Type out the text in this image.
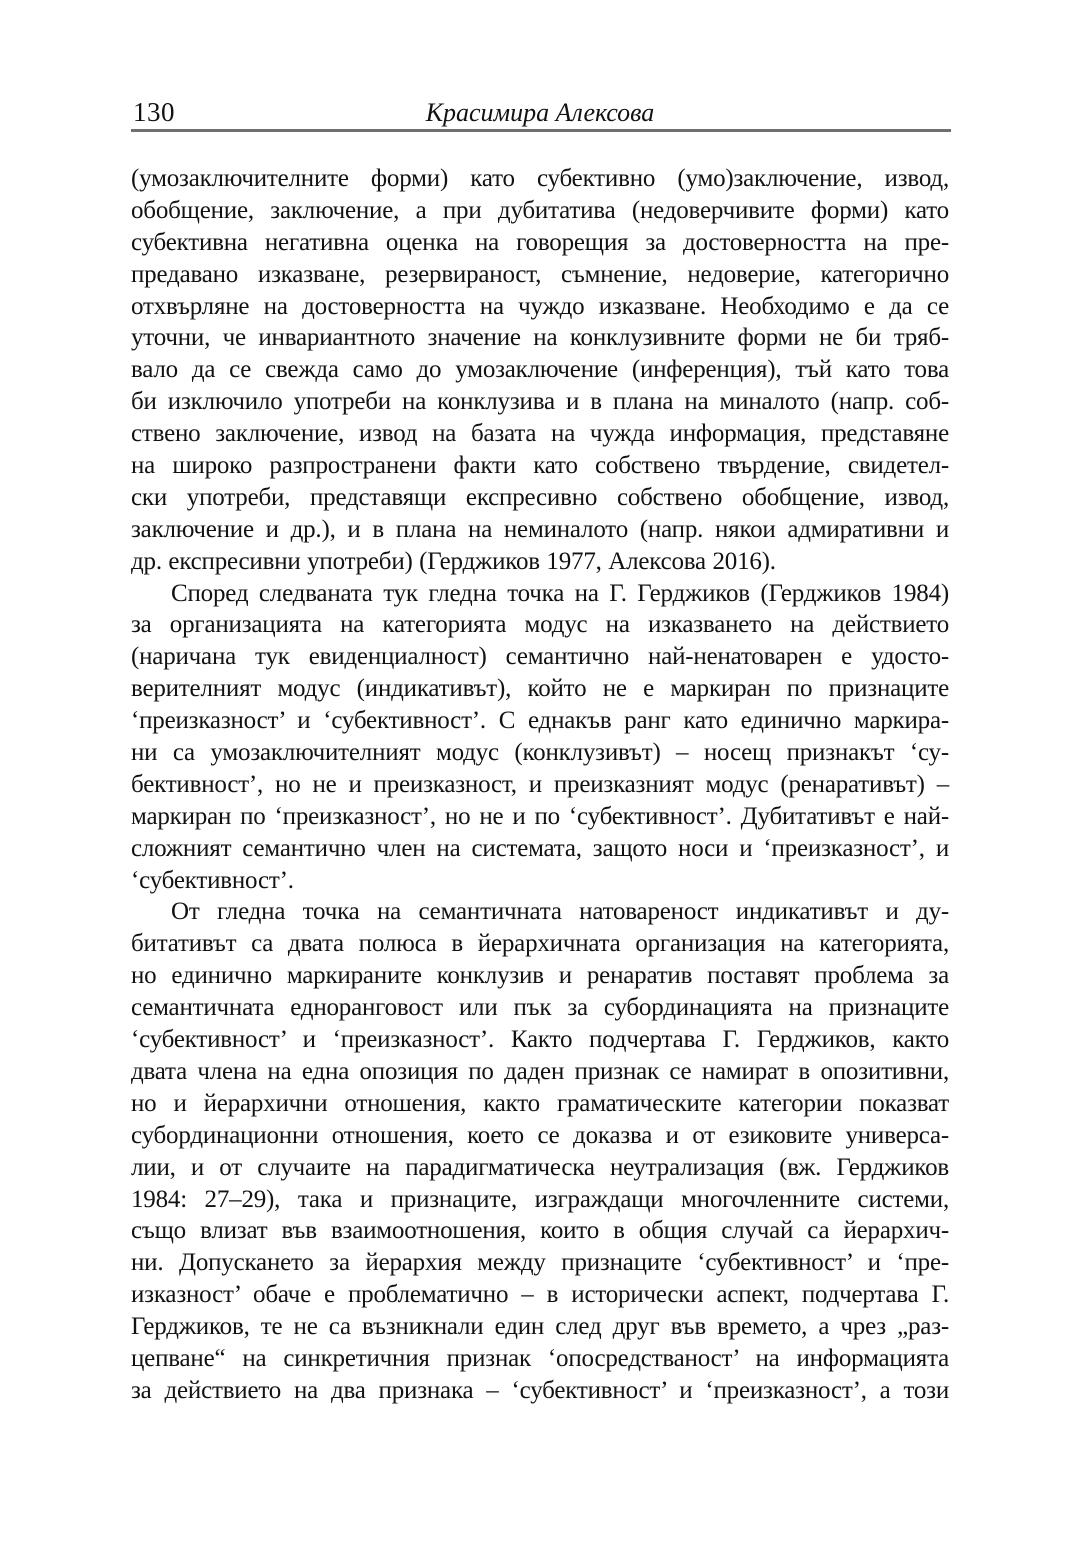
130	Красимира Алексова
(умозаключителните форми) като субективно (умо)заключение, извод,
обобщение, заключение, а при дубитатива (недоверчивите форми) като
субективна негативна оценка на говорещия за достоверността на пре-
предавано изказване, резервираност, съмнение, недоверие, категорично
отхвърляне на достоверността на чуждо изказване. Необходимо е да се
уточни, че инвариантното значение на конклузивните форми не би тряб-
вало да се свежда само до умозаключение (инференция), тъй като това
би изключило употреби на конклузива и в плана на миналото (напр. соб-
ствено заключение, извод на базата на чужда информация, представяне
на широко разпространени факти като собствено твърдение, свидетел-
ски употреби, представящи експресивно собствено обобщение, извод,
заключение и др.), и в плана на неминалото (напр. някои адмиративни и
др. експресивни употреби) (Герджиков 1977, Алексова 2016).
Според следваната тук гледна точка на Г. Герджиков (Герджиков 1984)
за организацията на категорията модус на изказването на действието
(наричана тук евиденциалност) семантично най-ненатоварен е удосто-
верителният модус (индикативът), който не е маркиран по признаците
‘преизказност’ и ‘субективност’. С еднакъв ранг като единично маркира-
ни са умозаключителният модус (конклузивът) – носещ признакът ‘су-
бективност’, но не и преизказност, и преизказният модус (ренаративът) –
маркиран по ‘преизказност’, но не и по ‘субективност’. Дубитативът е най-
сложният семантично член на системата, защото носи и ‘преизказност’, и
‘субективност’.
От гледна точка на семантичната натовареност индикативът и ду-
битативът са двата полюса в йерархичната организация на категорията,
но единично маркираните конклузив и ренаратив поставят проблема за
семантичната едноранговост или пък за субординацията на признаците
‘субективност’ и ‘преизказност’. Както подчертава Г. Герджиков, както
двата члена на една опозиция по даден признак се намират в опозитивни,
но и йерархични отношения, както граматическите категории показват
субординационни отношения, което се доказва и от езиковите универса-
лии, и от случаите на парадигматическа неутрализация (вж. Герджиков
1984: 27–29), така и признаците, изграждащи многочленните системи,
също влизат във взаимоотношения, които в общия случай са йерархич-
ни. Допускането за йерархия между признаците ‘субективност’ и ‘пре-
изказност’ обаче е проблематично – в исторически аспект, подчертава Г.
Герджиков, те не са възникнали един след друг във времето, а чрез „раз-
цепване“ на синкретичния признак ‘опосредстваност’ на информацията
за действието на два признака – ‘субективност’ и ‘преизказност’, а този
